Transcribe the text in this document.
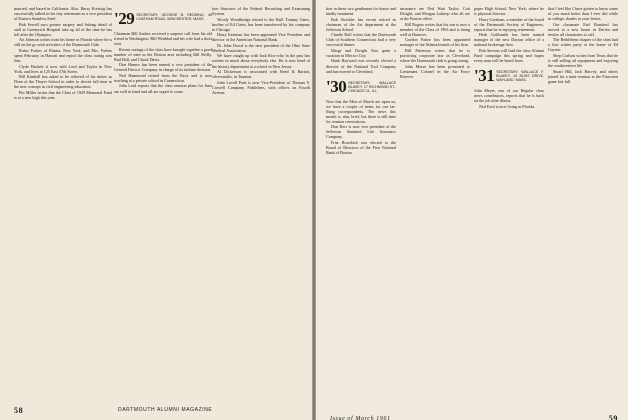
married, and based in California. Also, Harry Kreissig has successfully talked in his tiny retirement as a vice president of Eastern Stainless Steel.

Bob Sewell says greater surgery and fishing detail of staff at Greenwich Hospital take up all of the time he has left after the Olympics.

Art Johnson writes from his home in Florida where he is still on the go with activities of the Dartmouth Club.

Rufus Forbes of Elmira, New York, and Mrs. Forbes spent February in Hawaii and report the class outing was fine.

Clyde Hackett is now with Lord and Taylor in New York, and lives at 125 East 57th Street.

Bill Kimball has asked to be relieved of his duties as Dean of the Thayer School in order to devote full time to the new concept in civil engineering education.

Pitt Miller writes that the Class of 1929 Memorial Fund is at a new high this year.

'29 SECRETARY, GEORGE B. REDDING, 45 CHATHAM ROAD, WINCHESTER, MASS.

Chairman Bill Andres received a surprise call from his old friend in Washington. Bill Wenblad and his wife had a short visit.

Recent outings of the class have brought together a good number of men in the Boston area including Bill Reilly, Bud Hall, and Chuck Davis.

Don Humes has been named a vice president of the General Electric Company in charge of its turbine division.

Ned Hammond retired from the Navy and is now teaching at a private school in Connecticut.

John Lord reports that the class reunion plans for June are well in hand and all are urged to come.

tion Structure of the Federal Recruiting and Examining System.

Woody Woodbridge retired to the Hall. Tommy Gates, brother of Ed Gates, has been transferred by his company to Chicago.

Harry Eastman has been appointed Vice President and director of the American National Bank.

Dr. John Dowd is the new president of the Ohio State Medical Association.

We have caught up with Jack Rice who in the past has written so much about everybody else. He is now head of the history department at a school in New Jersey.

Al Dickerson is associated with Reed & Barton, silversmiths, in Taunton.

John Lovell Pratt is now Vice-President of Thomas Y. Crowell Company, Publishers, with offices on Fourth Avenue.

58	DARTMOUTH ALUMNI MAGAZINE

tion in these two gentlemen for honor and kindly treatment.

Bob Strickler has recent retired as chairman of the Art department at the Jefferson School.

Charlie Rolf writes that the Dartmouth Club of Southern Connecticut had a very successful dinner.

Marge and Dwight Avis spent a vacation in Mexico City.

Hank Hayward was recently elected a director of the National Tool Company and has moved to Cleveland.

'30 SECRETARY, WALLACE BLAKEY, 17 RICHMOND ST., CHICAGO 11, ILL.

Now that the Men of March are upon us, we have a couple of items for our far-flung correspondents. The news this month is, alas, brief, but there is still time for reunion reservations.

Don Kerr is now vice president of the Jefferson Standard Life Insurance Company.

Fritz Bowditch was elected to the Board of Directors of the First National Bank of Boston.

insurance are Ned Watt Taylor, Cott Dwight, and Morgan Lathrop who all are at the Boston office.

Bill Rogers writes that his son is now a member of the Class of 1963 and is doing well at Hanover.

Gordon Pattee has been appointed manager of the Atlanta branch of his firm.

Bill Patterson writes that he is practicing corporate law in Cleveland, where the Dartmouth club is going strong.

John Morse has been promoted to Lieutenant Colonel in the Air Force Reserve.

paper High School, New York, where he is physical director.

Harry Gresham, a member of the board of the Dartmouth Society of Engineers, reports that he is enjoying retirement.

Herb Goldsmith has been named manager of the new Dayton office of a national brokerage firm.

Bob Stevens will lead the class Alumni Fund campaign this spring and hopes every man will be heard from.

'31 SECRETARY, WALLACE F. BLAKEY, 10 BLISS DRIVE, WAYLAND, MASS.

John Meyer, one of our Regular class news contributors, reports that he is back on the job after illness.

Ned Ford is now living in Florida.

that I feel like I have gotten to know some of you much better than I ever did while in college, thanks to your letters.

Our classmate Earl Bamford has moved to a new house in Darien and invites all classmates to call.

The Bethlehem chapter of the class had a fine winter party at the home of Ed Gaynor.

Shep Carlson writes from Texas that he is still selling oil equipment and enjoying the southwestern life.

Stuart Hill, Jack Harvey, and others joined for a mini-reunion at the Princeton game last fall.

Issue of March 1961	59
